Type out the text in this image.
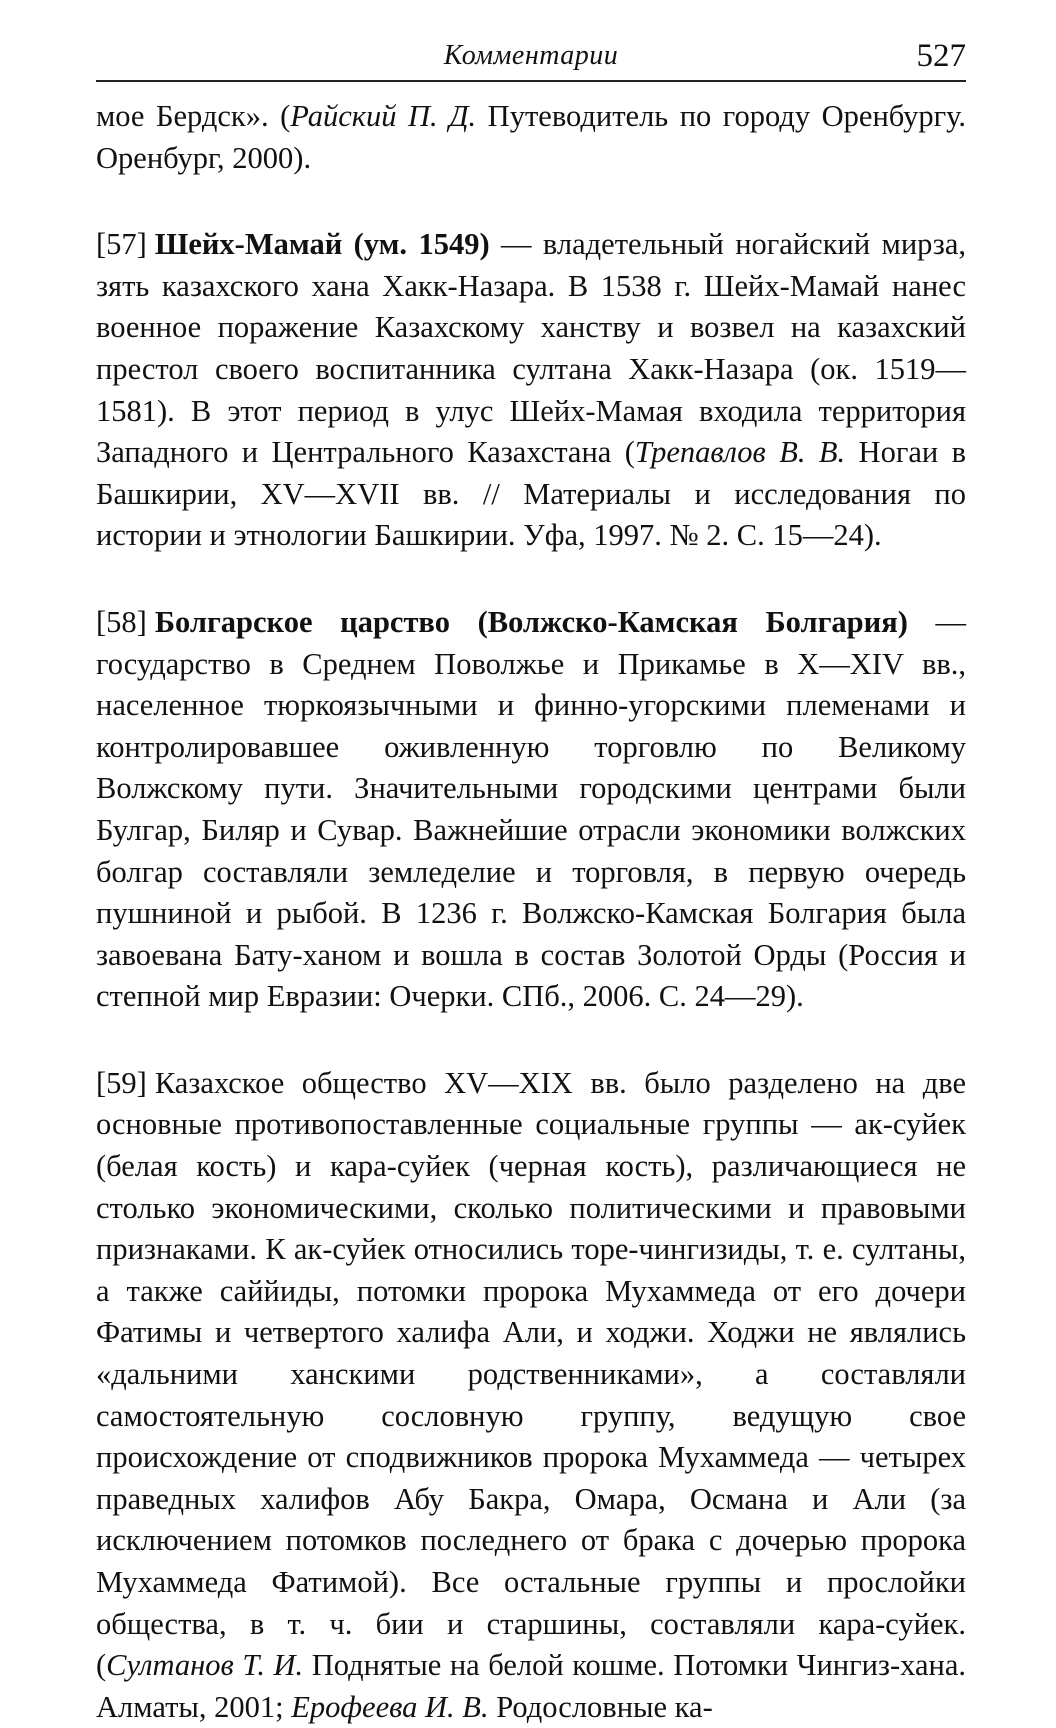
Комментарии	527

мое Бердск». (Райский П. Д. Путеводитель по городу Оренбургу. Оренбург, 2000).

[57] Шейх-Мамай (ум. 1549) — владетельный ногайский мирза, зять казахского хана Хакк-Назара. В 1538 г. Шейх-Мамай нанес военное поражение Казахскому ханству и возвел на казахский престол своего воспитанника султана Хакк-Назара (ок. 1519—1581). В этот период в улус Шейх-Мамая входила территория Западного и Центрального Казахстана (Трепавлов В. В. Ногаи в Башкирии, XV—XVII вв. // Материалы и исследования по истории и этнологии Башкирии. Уфа, 1997. № 2. С. 15—24).

[58] Болгарское царство (Волжско-Камская Болгария) — государство в Среднем Поволжье и Прикамье в X—XIV вв., населенное тюркоязычными и финно-угорскими племенами и контролировавшее оживленную торговлю по Великому Волжскому пути. Значительными городскими центрами были Булгар, Биляр и Сувар. Важнейшие отрасли экономики волжских болгар составляли земледелие и торговля, в первую очередь пушниной и рыбой. В 1236 г. Волжско-Камская Болгария была завоевана Бату-ханом и вошла в состав Золотой Орды (Россия и степной мир Евразии: Очерки. СПб., 2006. С. 24—29).

[59] Казахское общество XV—XIX вв. было разделено на две основные противопоставленные социальные группы — ак-суйек (белая кость) и кара-суйек (черная кость), различающиеся не столько экономическими, сколько политическими и правовыми признаками. К ак-суйек относились торе-чингизиды, т. е. султаны, а также саййиды, потомки пророка Мухаммеда от его дочери Фатимы и четвертого халифа Али, и ходжи. Ходжи не являлись «дальними ханскими родственниками», а составляли самостоятельную сословную группу, ведущую свое происхождение от сподвижников пророка Мухаммеда — четырех праведных халифов Абу Бакра, Омара, Османа и Али (за исключением потомков последнего от брака с дочерью пророка Мухаммеда Фатимой). Все остальные группы и прослойки общества, в т. ч. бии и старшины, составляли кара-суйек. (Султанов Т. И. Поднятые на белой кошме. Потомки Чингиз-хана. Алматы, 2001; Ерофеева И. В. Родословные ка-
